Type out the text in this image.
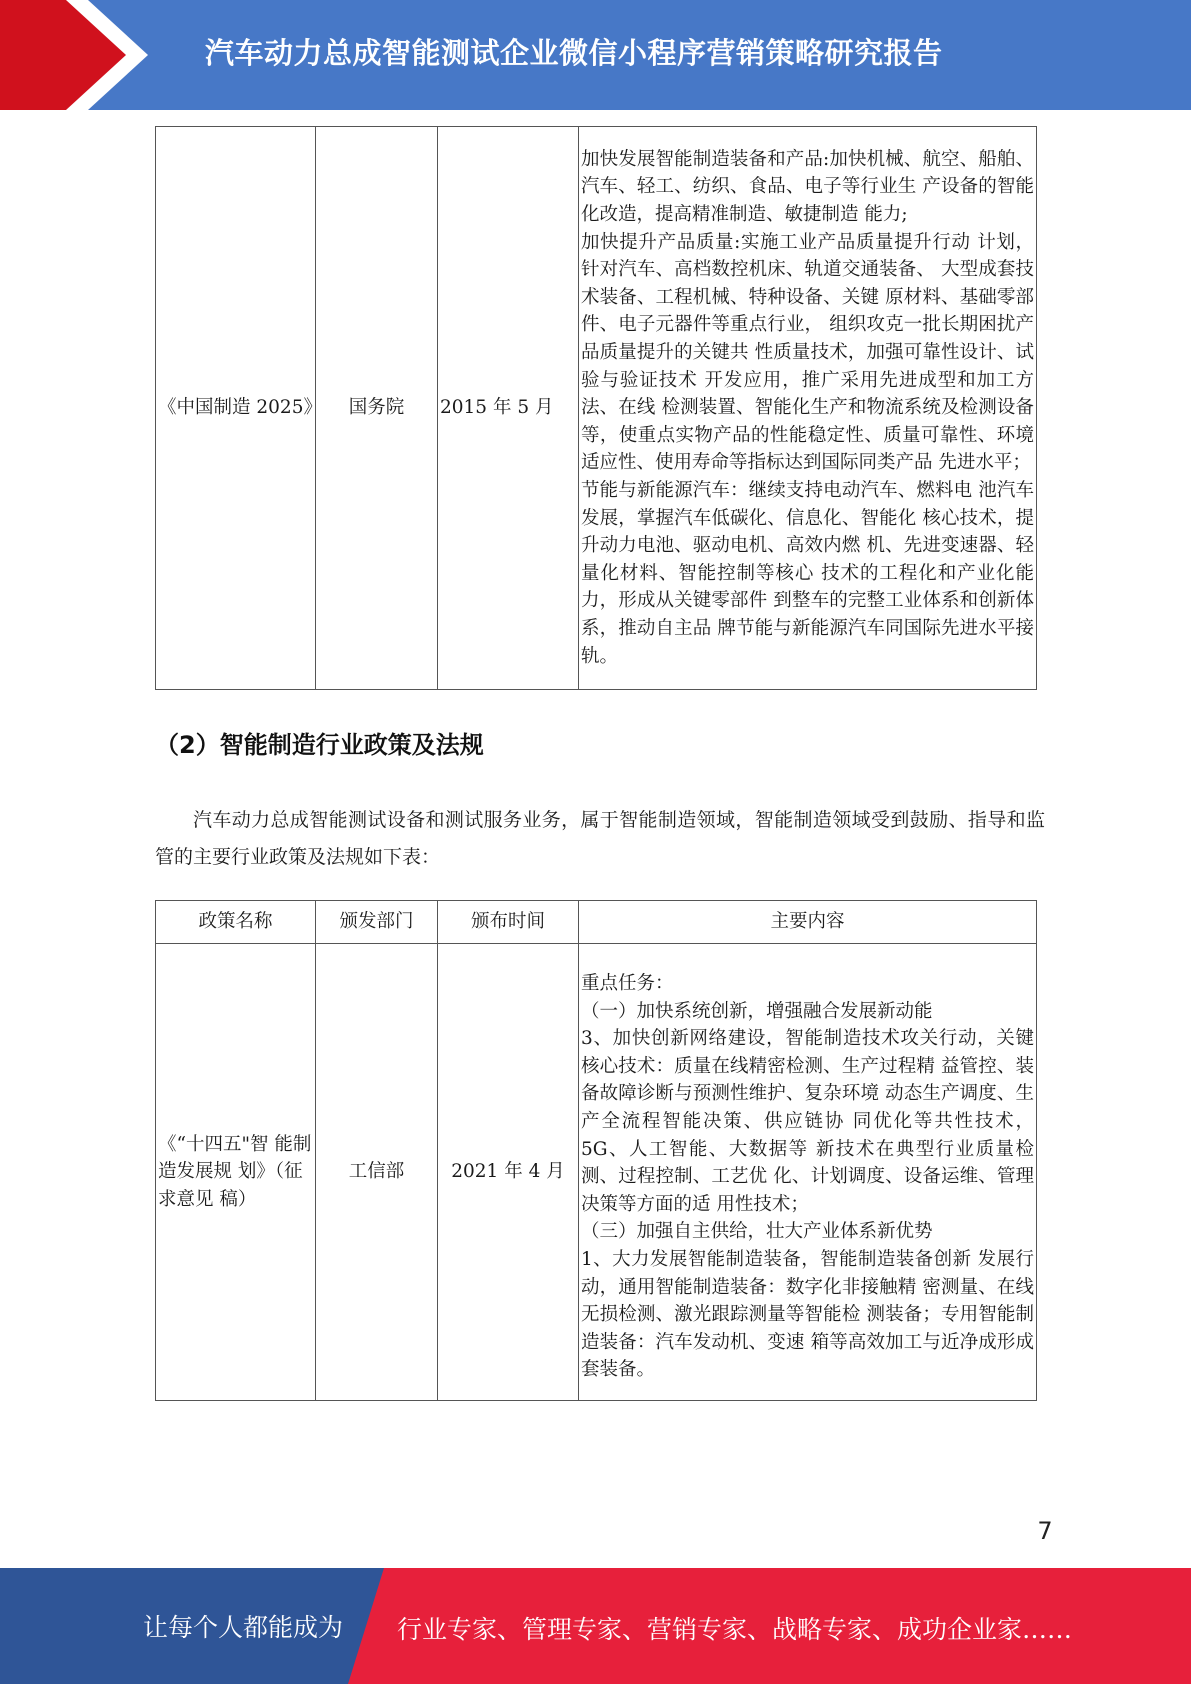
汽车动力总成智能测试企业微信小程序营销策略研究报告
《中国制造 2025》	国务院	2015 年 5 月	

加快发展智能制造装备和产品:加快机械、航空、船舶、汽车、轻工、纺织、食品、电子等行业生 产设备的智能化改造，提高精准制造、敏捷制造 能力;

加快提升产品质量:实施工业产品质量提升行动 计划，针对汽车、高档数控机床、轨道交通装备、 大型成套技术装备、工程机械、特种设备、关键 原材料、基础零部件、电子元器件等重点行业， 组织攻克一批长期困扰产品质量提升的关键共 性质量技术，加强可靠性设计、试验与验证技术 开发应用，推广采用先进成型和加工方法、在线 检测装置、智能化生产和物流系统及检测设备 等，使重点实物产品的性能稳定性、质量可靠性、环境适应性、使用寿命等指标达到国际同类产品 先进水平；

节能与新能源汽车：继续支持电动汽车、燃料电 池汽车发展，掌握汽车低碳化、信息化、智能化 核心技术，提升动力电池、驱动电机、高效内燃 机、先进变速器、轻量化材料、智能控制等核心 技术的工程化和产业化能力，形成从关键零部件 到整车的完整工业体系和创新体系，推动自主品 牌节能与新能源汽车同国际先进水平接轨。

（2）智能制造行业政策及法规

汽车动力总成智能测试设备和测试服务业务，属于智能制造领域，智能制造领域受到鼓励、指导和监管的主要行业政策及法规如下表：

政策名称	颁发部门	颁布时间	主要内容
《“十四五"智 能制造发展规 划》（征求意见 稿）	工信部	2021 年 4 月	重点任务：

（一）加快系统创新，增强融合发展新动能

3、加快创新网络建设，智能制造技术攻关行动，关键核心技术：质量在线精密检测、生产过程精 益管控、装备故障诊断与预测性维护、复杂环境 动态生产调度、生产全流程智能决策、供应链协 同优化等共性技术，5G、人工智能、大数据等 新技术在典型行业质量检测、过程控制、工艺优 化、计划调度、设备运维、管理决策等方面的适 用性技术；

（三）加强自主供给，壮大产业体系新优势

1、大力发展智能制造装备，智能制造装备创新 发展行动，通用智能制造装备：数字化非接触精 密测量、在线无损检测、激光跟踪测量等智能检 测装备；专用智能制造装备：汽车发动机、变速 箱等高效加工与近净成形成套装备。

7
让每个人都能成为	行业专家、管理专家、营销专家、战略专家、成功企业家……
